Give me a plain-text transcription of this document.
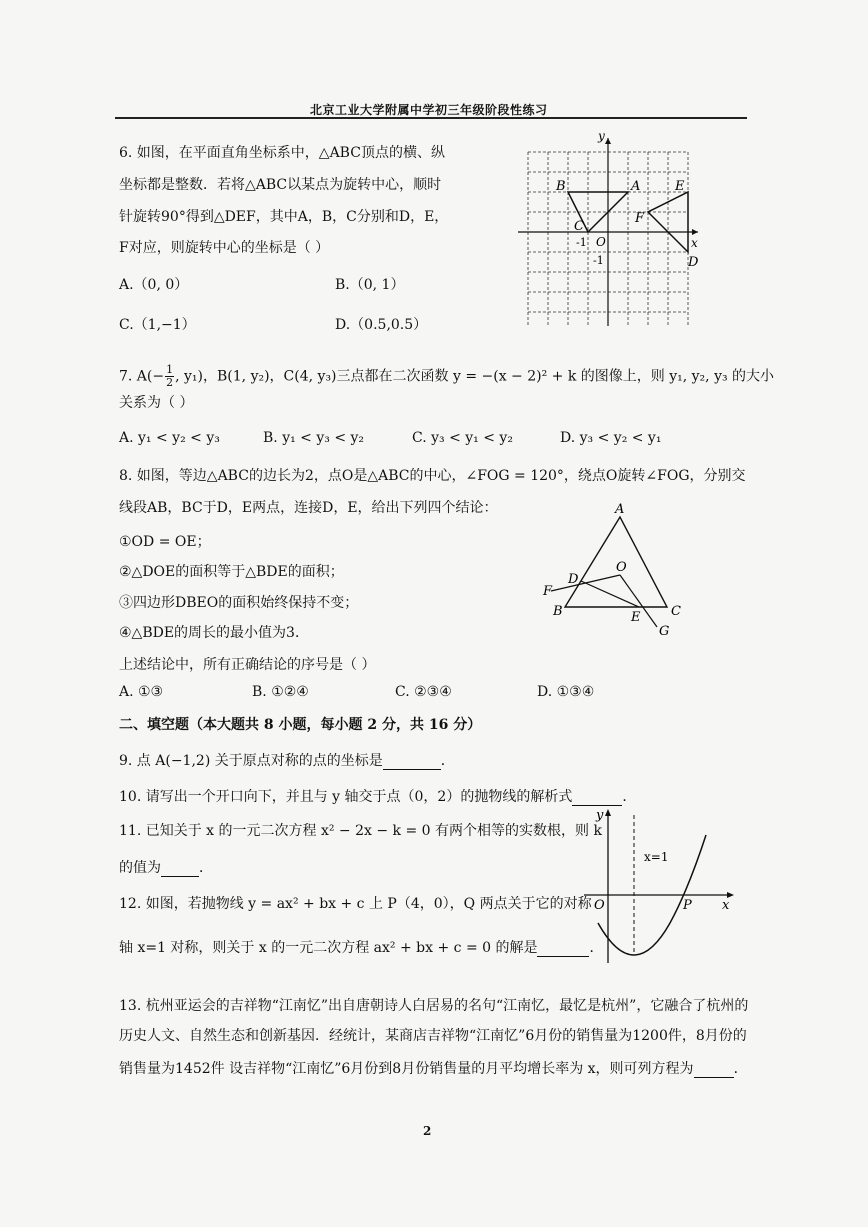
北京工业大学附属中学初三年级阶段性练习
6. 如图，在平面直角坐标系中，△ABC顶点的横、纵
坐标都是整数．若将△ABC以某点为旋转中心，顺时
针旋转90°得到△DEF，其中A，B，C分别和D，E，
F对应，则旋转中心的坐标是（ ）
A.（0, 0）	B.（0, 1）
C.（1,−1）	D.（0.5,0.5）
y
x
A
B
C
D
E
F
O
-1
-1
7. $A(- \frac{1}{2}$ , y₁)，B(1, y₂)，C(4, y₃)三点都在二次函数 y = −(x − 2)² + k 的图像上，则 y₁, y₂, y₃ 的大小
关系为（ ）
A. y₁ < y₂ < y₃	B. y₁ < y₃ < y₂	C. y₃ < y₁ < y₂	D. y₃ < y₂ < y₁
8. 如图，等边△ABC的边长为2，点O是△ABC的中心，∠FOG = 120°，绕点O旋转∠FOG，分别交
线段AB，BC于D，E两点，连接D，E，给出下列四个结论：
①OD = OE；
②△DOE的面积等于△BDE的面积；
③四边形DBEO的面积始终保持不变；
④△BDE的周长的最小值为3．
上述结论中，所有正确结论的序号是（ ）
A. ①③	B. ①②④	C. ②③④	D. ①③④
A
B	C
D
E
F
G
O
二、填空题（本大题共 8 小题，每小题 2 分，共 16 分）
9. 点 A(−1,2) 关于原点对称的点的坐标是	．
10. 请写出一个开口向下，并且与 y 轴交于点（0，2）的抛物线的解析式	．
11. 已知关于 x 的一元二次方程 x² − 2x − k = 0 有两个相等的实数根，则 k
的值为	．
12. 如图，若抛物线 y = ax² + bx + c 上 P（4，0），Q 两点关于它的对称
轴 x=1 对称，则关于 x 的一元二次方程 ax² + bx + c = 0 的解是	．
y
x
O	P
x=1
13. 杭州亚运会的吉祥物“江南忆”出自唐朝诗人白居易的名句“江南忆，最忆是杭州”，它融合了杭州的
历史人文、自然生态和创新基因．经统计，某商店吉祥物“江南忆”6月份的销售量为1200件，8月份的
销售量为1452件 设吉祥物“江南忆”6月份到8月份销售量的月平均增长率为 x，则可列方程为	．
2
